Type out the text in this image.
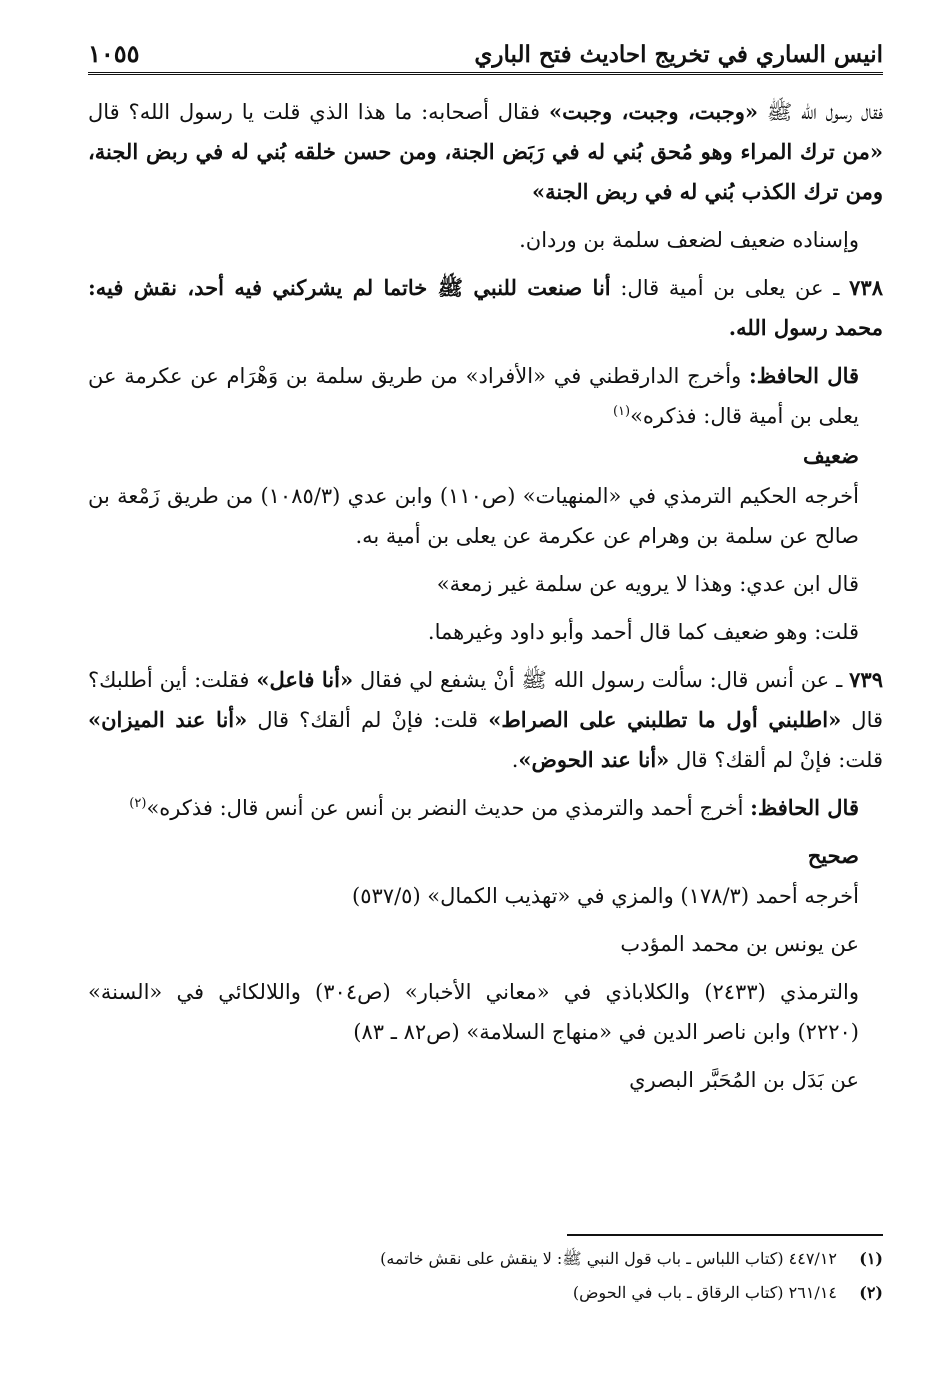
انيس الساري في تخريج احاديث فتح الباري
١٠٥٥

فقال رسول الله ﷺ «وجبت، وجبت، وجبت» فقال أصحابه: ما هذا الذي قلت يا رسول الله؟ قال «من ترك المراء وهو مُحق بُني له في رَبَض الجنة، ومن حسن خلقه بُني له في ربض الجنة، ومن ترك الكذب بُني له في ربض الجنة»

وإسناده ضعيف لضعف سلمة بن وردان.

٧٣٨ ـ عن يعلى بن أمية قال: أنا صنعت للنبي ﷺ خاتما لم يشركني فيه أحد، نقش فيه: محمد رسول الله.

قال الحافظ: وأخرج الدارقطني في «الأفراد» من طريق سلمة بن وَهْرَام عن عكرمة عن يعلى بن أمية قال: فذكره»$^{(١)}$

ضعيف

أخرجه الحكيم الترمذي في «المنهيات» (ص١١٠) وابن عدي (١٠٨٥/٣) من طريق زَمْعة بن صالح عن سلمة بن وهرام عن عكرمة عن يعلى بن أمية به.

قال ابن عدي: وهذا لا يرويه عن سلمة غير زمعة»

قلت: وهو ضعيف كما قال أحمد وأبو داود وغيرهما.

٧٣٩ ـ عن أنس قال: سألت رسول الله ﷺ أنْ يشفع لي فقال «أنا فاعل» فقلت: أين أطلبك؟ قال «اطلبني أول ما تطلبني على الصراط» قلت: فإنْ لم ألقك؟ قال «أنا عند الميزان» قلت: فإنْ لم ألقك؟ قال «أنا عند الحوض».

قال الحافظ: أخرج أحمد والترمذي من حديث النضر بن أنس عن أنس قال: فذكره»$^{(٢)}$

صحيح

أخرجه أحمد (١٧٨/٣) والمزي في «تهذيب الكمال» (٥٣٧/٥)

عن يونس بن محمد المؤدب

والترمذي (٢٤٣٣) والكلاباذي في «معاني الأخبار» (ص٣٠٤) واللالكائي في «السنة» (٢٢٢٠) وابن ناصر الدين في «منهاج السلامة» (ص٨٢ ـ ٨٣)

عن بَدَل بن المُحَبَّر البصري

(١)٤٤٧/١٢ (كتاب اللباس ـ باب قول النبي ﷺ: لا ينقش على نقش خاتمه)
(٢)٢٦١/١٤ (كتاب الرقاق ـ باب في الحوض)
